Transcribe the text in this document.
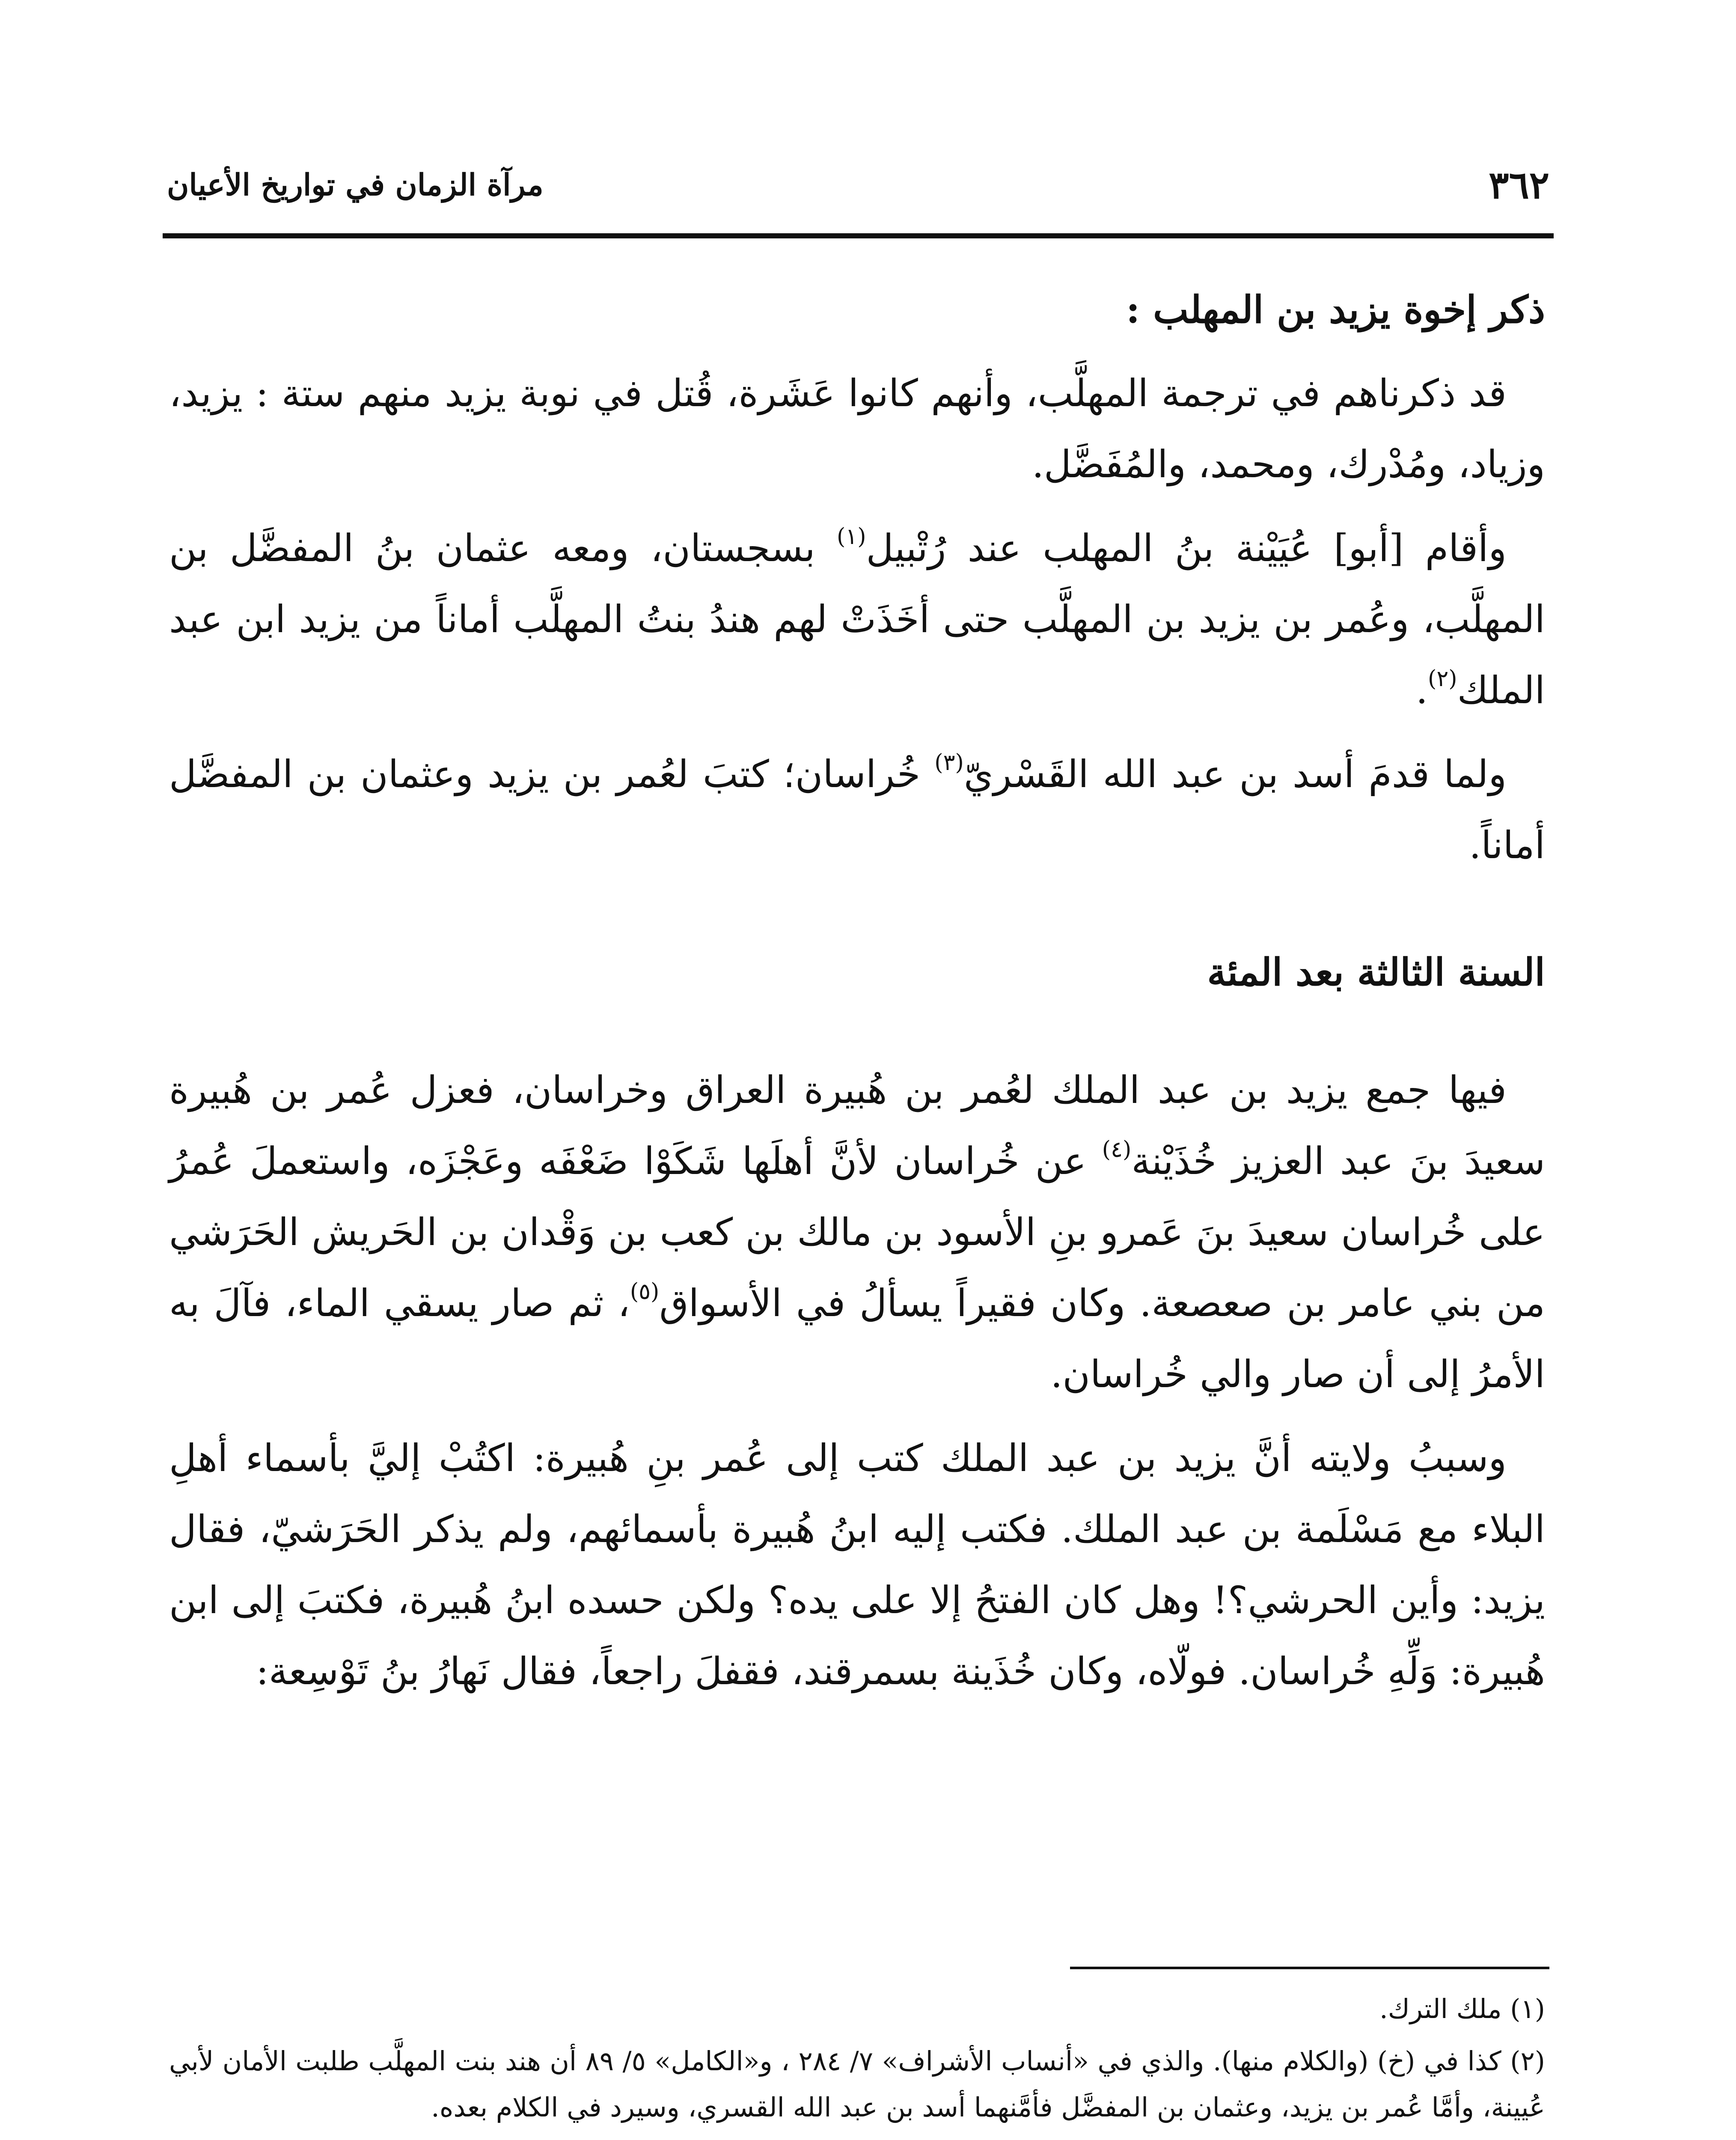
٣٦٢
مرآة الزمان في تواريخ الأعيان

ذكر إخوة يزيد بن المهلب :

قد ذكرناهم في ترجمة المهلَّب، وأنهم كانوا عَشَرة، قُتل في نوبة يزيد منهم ستة : يزيد، وزياد، ومُدْرك، ومحمد، والمُفَضَّل.

وأقام [أبو] عُيَيْنة بنُ المهلب عند رُتْبيل$^{(١)}$ بسجستان، ومعه عثمان بنُ المفضَّل بن المهلَّب، وعُمر بن يزيد بن المهلَّب حتى أخَذَتْ لهم هندُ بنتُ المهلَّب أماناً من يزيد ابن عبد الملك$^{(٢)}$.

ولما قدمَ أسد بن عبد الله القَسْريّ$^{(٣)}$ خُراسان؛ كتبَ لعُمر بن يزيد وعثمان بن المفضَّل أماناً.

السنة الثالثة بعد المئة

فيها جمع يزيد بن عبد الملك لعُمر بن هُبيرة العراق وخراسان، فعزل عُمر بن هُبيرة سعيدَ بنَ عبد العزيز خُذَيْنة$^{(٤)}$ عن خُراسان لأنَّ أهلَها شَكَوْا ضَعْفَه وعَجْزَه، واستعملَ عُمرُ على خُراسان سعيدَ بنَ عَمرو بنِ الأسود بن مالك بن كعب بن وَقْدان بن الحَريش الحَرَشي من بني عامر بن صعصعة. وكان فقيراً يسألُ في الأسواق$^{(٥)}$، ثم صار يسقي الماء، فآلَ به الأمرُ إلى أن صار والي خُراسان.

وسببُ ولايته أنَّ يزيد بن عبد الملك كتب إلى عُمر بنِ هُبيرة: اكتُبْ إليَّ بأسماء أهلِ البلاء مع مَسْلَمة بن عبد الملك. فكتب إليه ابنُ هُبيرة بأسمائهم، ولم يذكر الحَرَشيّ، فقال يزيد: وأين الحرشي؟! وهل كان الفتحُ إلا على يده؟ ولكن حسده ابنُ هُبيرة، فكتبَ إلى ابن هُبيرة: وَلِّهِ خُراسان. فولّاه، وكان خُذَينة بسمرقند، فقفلَ راجعاً، فقال نَهارُ بنُ تَوْسِعة:

(١) ملك الترك.

(٢) كذا في (خ) (والكلام منها). والذي في «أنساب الأشراف» ٧/ ٢٨٤ ، و«الكامل» ٥/ ٨٩ أن هند بنت المهلَّب طلبت الأمان لأبي عُيينة، وأمَّا عُمر بن يزيد، وعثمان بن المفضَّل فأمَّنهما أسد بن عبد الله القسري، وسيرد في الكلام بعده.
